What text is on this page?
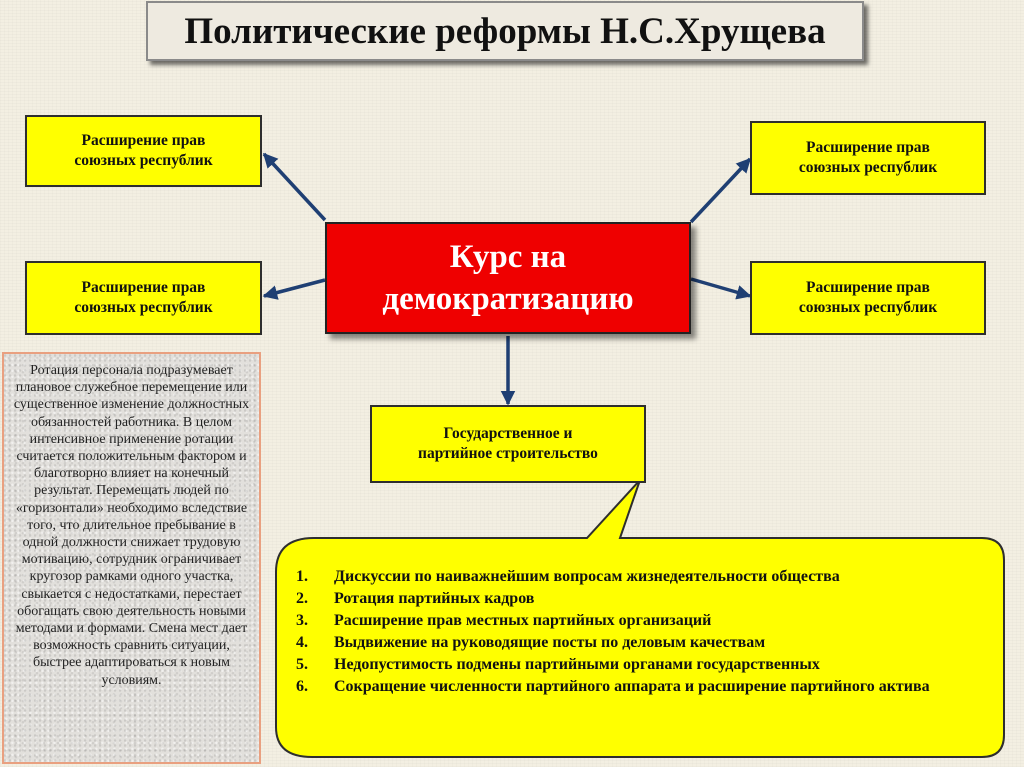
Политические реформы Н.С.Хрущева
Расширение прав
союзных республик
Расширение прав
союзных республик
Расширение прав
союзных республик
Расширение прав
союзных республик
Государственное и
партийное строительство
Курс на
демократизацию
Ротация персонала подразумевает плановое служебное перемещение или существенное изменение должностных обязанностей работника. В целом интенсивное применение ротации считается положительным фактором и благотворно влияет на конечный результат. Перемещать людей по «горизонтали» необходимо вследствие того, что длительное пребывание в одной должности снижает трудовую мотивацию, сотрудник ограничивает кругозор рамками одного участка, свыкается с недостатками, перестает обогащать свою деятельность новыми методами и формами. Смена мест дает возможность сравнить ситуации, быстрее адаптироваться к новым условиям.
1.	Дискуссии по наиважнейшим вопросам жизнедеятельности общества
2.	Ротация партийных кадров
3.	Расширение прав местных партийных организаций
4.	Выдвижение на руководящие посты по деловым качествам
5.	Недопустимость подмены партийными органами государственных
6.	Сокращение численности партийного аппарата и расширение партийного актива
